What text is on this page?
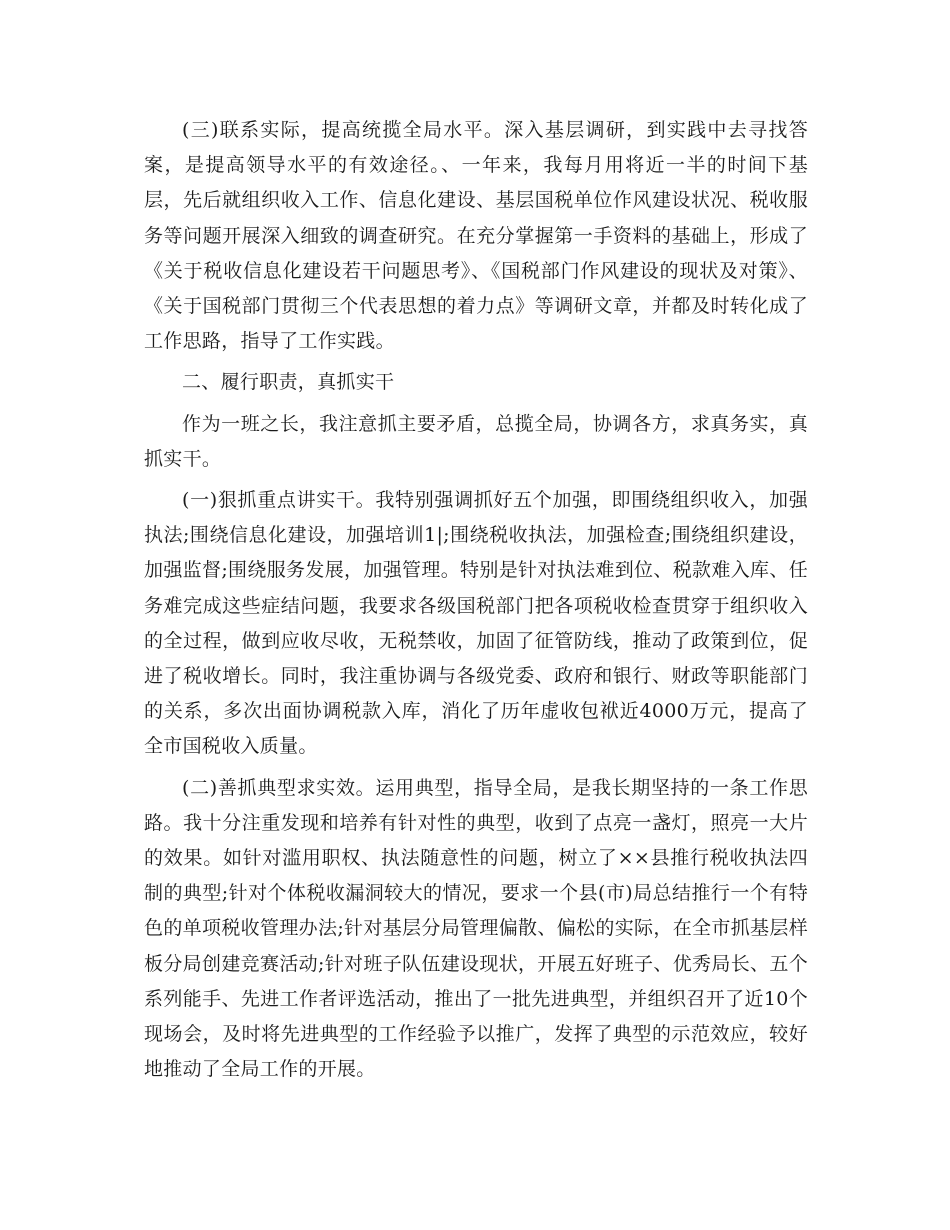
(三)联系实际，提高统揽全局水平。深入基层调研，到实践中去寻找答案，是提高领导水平的有效途径。、一年来，我每月用将近一半的时间下基层，先后就组织收入工作、信息化建设、基层国税单位作风建设状况、税收服务等问题开展深入细致的调查研究。在充分掌握第一手资料的基础上，形成了《关于税收信息化建设若干问题思考》、《国税部门作风建设的现状及对策》、《关于国税部门贯彻三个代表思想的着力点》等调研文章，并都及时转化成了工作思路，指导了工作实践。

二、履行职责，真抓实干

作为一班之长，我注意抓主要矛盾，总揽全局，协调各方，求真务实，真抓实干。

(一)狠抓重点讲实干。我特别强调抓好五个加强，即围绕组织收入，加强执法;围绕信息化建设，加强培训1|;围绕税收执法，加强检查;围绕组织建设，加强监督;围绕服务发展，加强管理。特别是针对执法难到位、税款难入库、任务难完成这些症结问题，我要求各级国税部门把各项税收检查贯穿于组织收入的全过程，做到应收尽收，无税禁收，加固了征管防线，推动了政策到位，促进了税收增长。同时，我注重协调与各级党委、政府和银行、财政等职能部门的关系，多次出面协调税款入库，消化了历年虚收包袱近4000万元，提高了全市国税收入质量。

(二)善抓典型求实效。运用典型，指导全局，是我长期坚持的一条工作思路。我十分注重发现和培养有针对性的典型，收到了点亮一盏灯，照亮一大片的效果。如针对滥用职权、执法随意性的问题，树立了××县推行税收执法四制的典型;针对个体税收漏洞较大的情况，要求一个县(市)局总结推行一个有特色的单项税收管理办法;针对基层分局管理偏散、偏松的实际，在全市抓基层样板分局创建竞赛活动;针对班子队伍建设现状，开展五好班子、优秀局长、五个系列能手、先进工作者评选活动，推出了一批先进典型，并组织召开了近10个现场会，及时将先进典型的工作经验予以推广，发挥了典型的示范效应，较好地推动了全局工作的开展。
